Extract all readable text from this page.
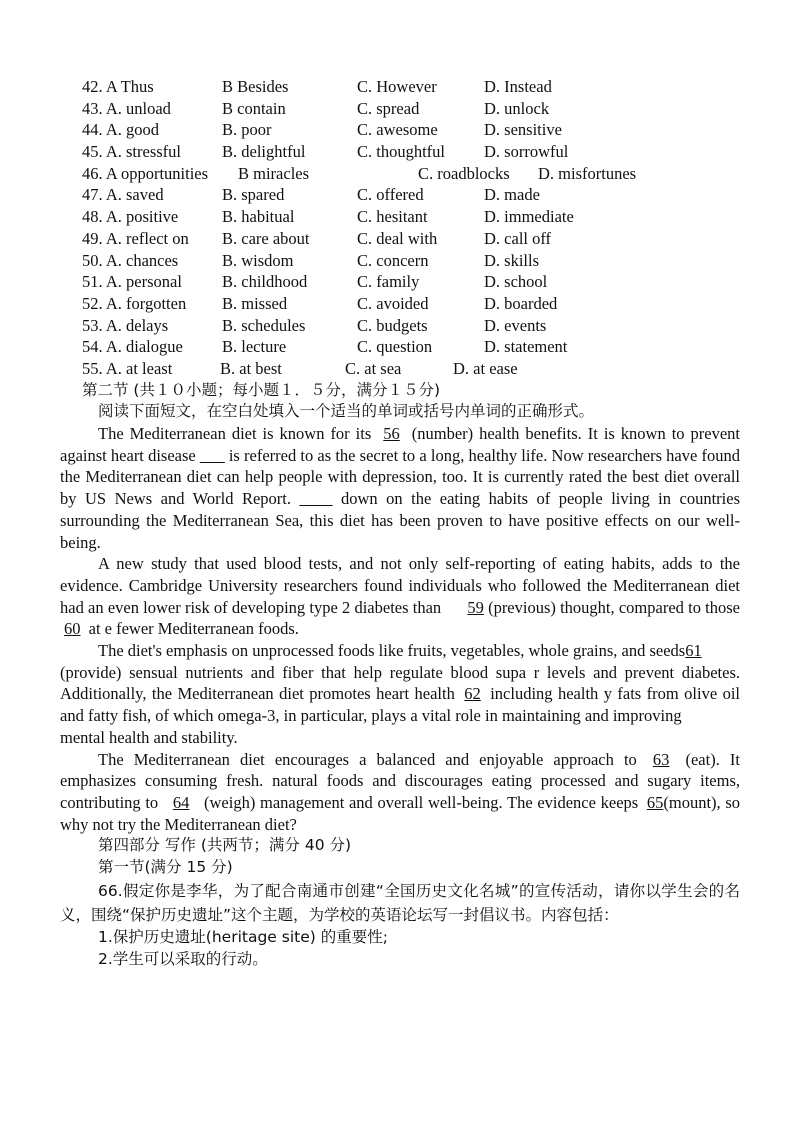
42. A Thus	B Besides	C. However	D. Instead
43. A. unload	B contain	C. spread	D. unlock
44. A. good	B. poor	C. awesome	D. sensitive
45. A. stressful	B. delightful	C. thoughtful	D. sorrowful
46. A opportunities	B miracles	C. roadblocks	D. misfortunes
47. A. saved	B. spared	C. offered	D. made
48. A. positive	B. habitual	C. hesitant	D. immediate
49. A. reflect on	B. care about	C. deal with	D. call off
50. A. chances	B. wisdom	C. concern	D. skills
51. A. personal	B. childhood	C. family	D. school
52. A. forgotten	B. missed	C. avoided	D. boarded
53. A. delays	B. schedules	C. budgets	D. events
54. A. dialogue	B. lecture	C. question	D. statement
55. A. at least	B. at best	C. at sea	D. at ease
第二节 (共１０小题；每小题１．５分，满分１５分)
阅读下面短文，在空白处填入一个适当的单词或括号内单词的正确形式。

The Mediterranean diet is known for its 56 (number) health benefits. It is known to prevent against heart disease ___ is referred to as the secret to a long, healthy life. Now researchers have found the Mediterranean diet can help people with depression, too. It is currently rated the best diet overall by US News and World Report. ____ down on the eating habits of people living in countries surrounding the Mediterranean Sea, this diet has been proven to have positive effects on our well-being.

A new study that used blood tests, and not only self-reporting of eating habits, adds to the evidence. Cambridge University researchers found individuals who followed the Mediterranean diet had an even lower risk of developing type 2 diabetes than 59 (previous) thought, compared to those 60 at e fewer Mediterranean foods.

The diet's emphasis on unprocessed foods like fruits, vegetables, whole grains, and seeds61
(provide) sensual nutrients and fiber that help regulate blood supa r levels and prevent diabetes. Additionally, the Mediterranean diet promotes heart health 62 including health y fats from olive oil and fatty fish, of which omega-3, in particular, plays a vital role in maintaining and improving
mental health and stability.

The Mediterranean diet encourages a balanced and enjoyable approach to 63 (eat). It emphasizes consuming fresh. natural foods and discourages eating processed and sugary items, contributing to 64 (weigh) management and overall well-being. The evidence keeps 65(mount), so why not try the Mediterranean diet?

第四部分 写作 (共两节；满分 40 分)
第一节(满分 15 分)

66.假定你是李华，为了配合南通市创建“全国历史文化名城”的宣传活动，请你以学生会的名义，围绕“保护历史遗址”这个主题，为学校的英语论坛写一封倡议书。内容包括：

1.保护历史遗址(heritage site) 的重要性;
2.学生可以采取的行动。
